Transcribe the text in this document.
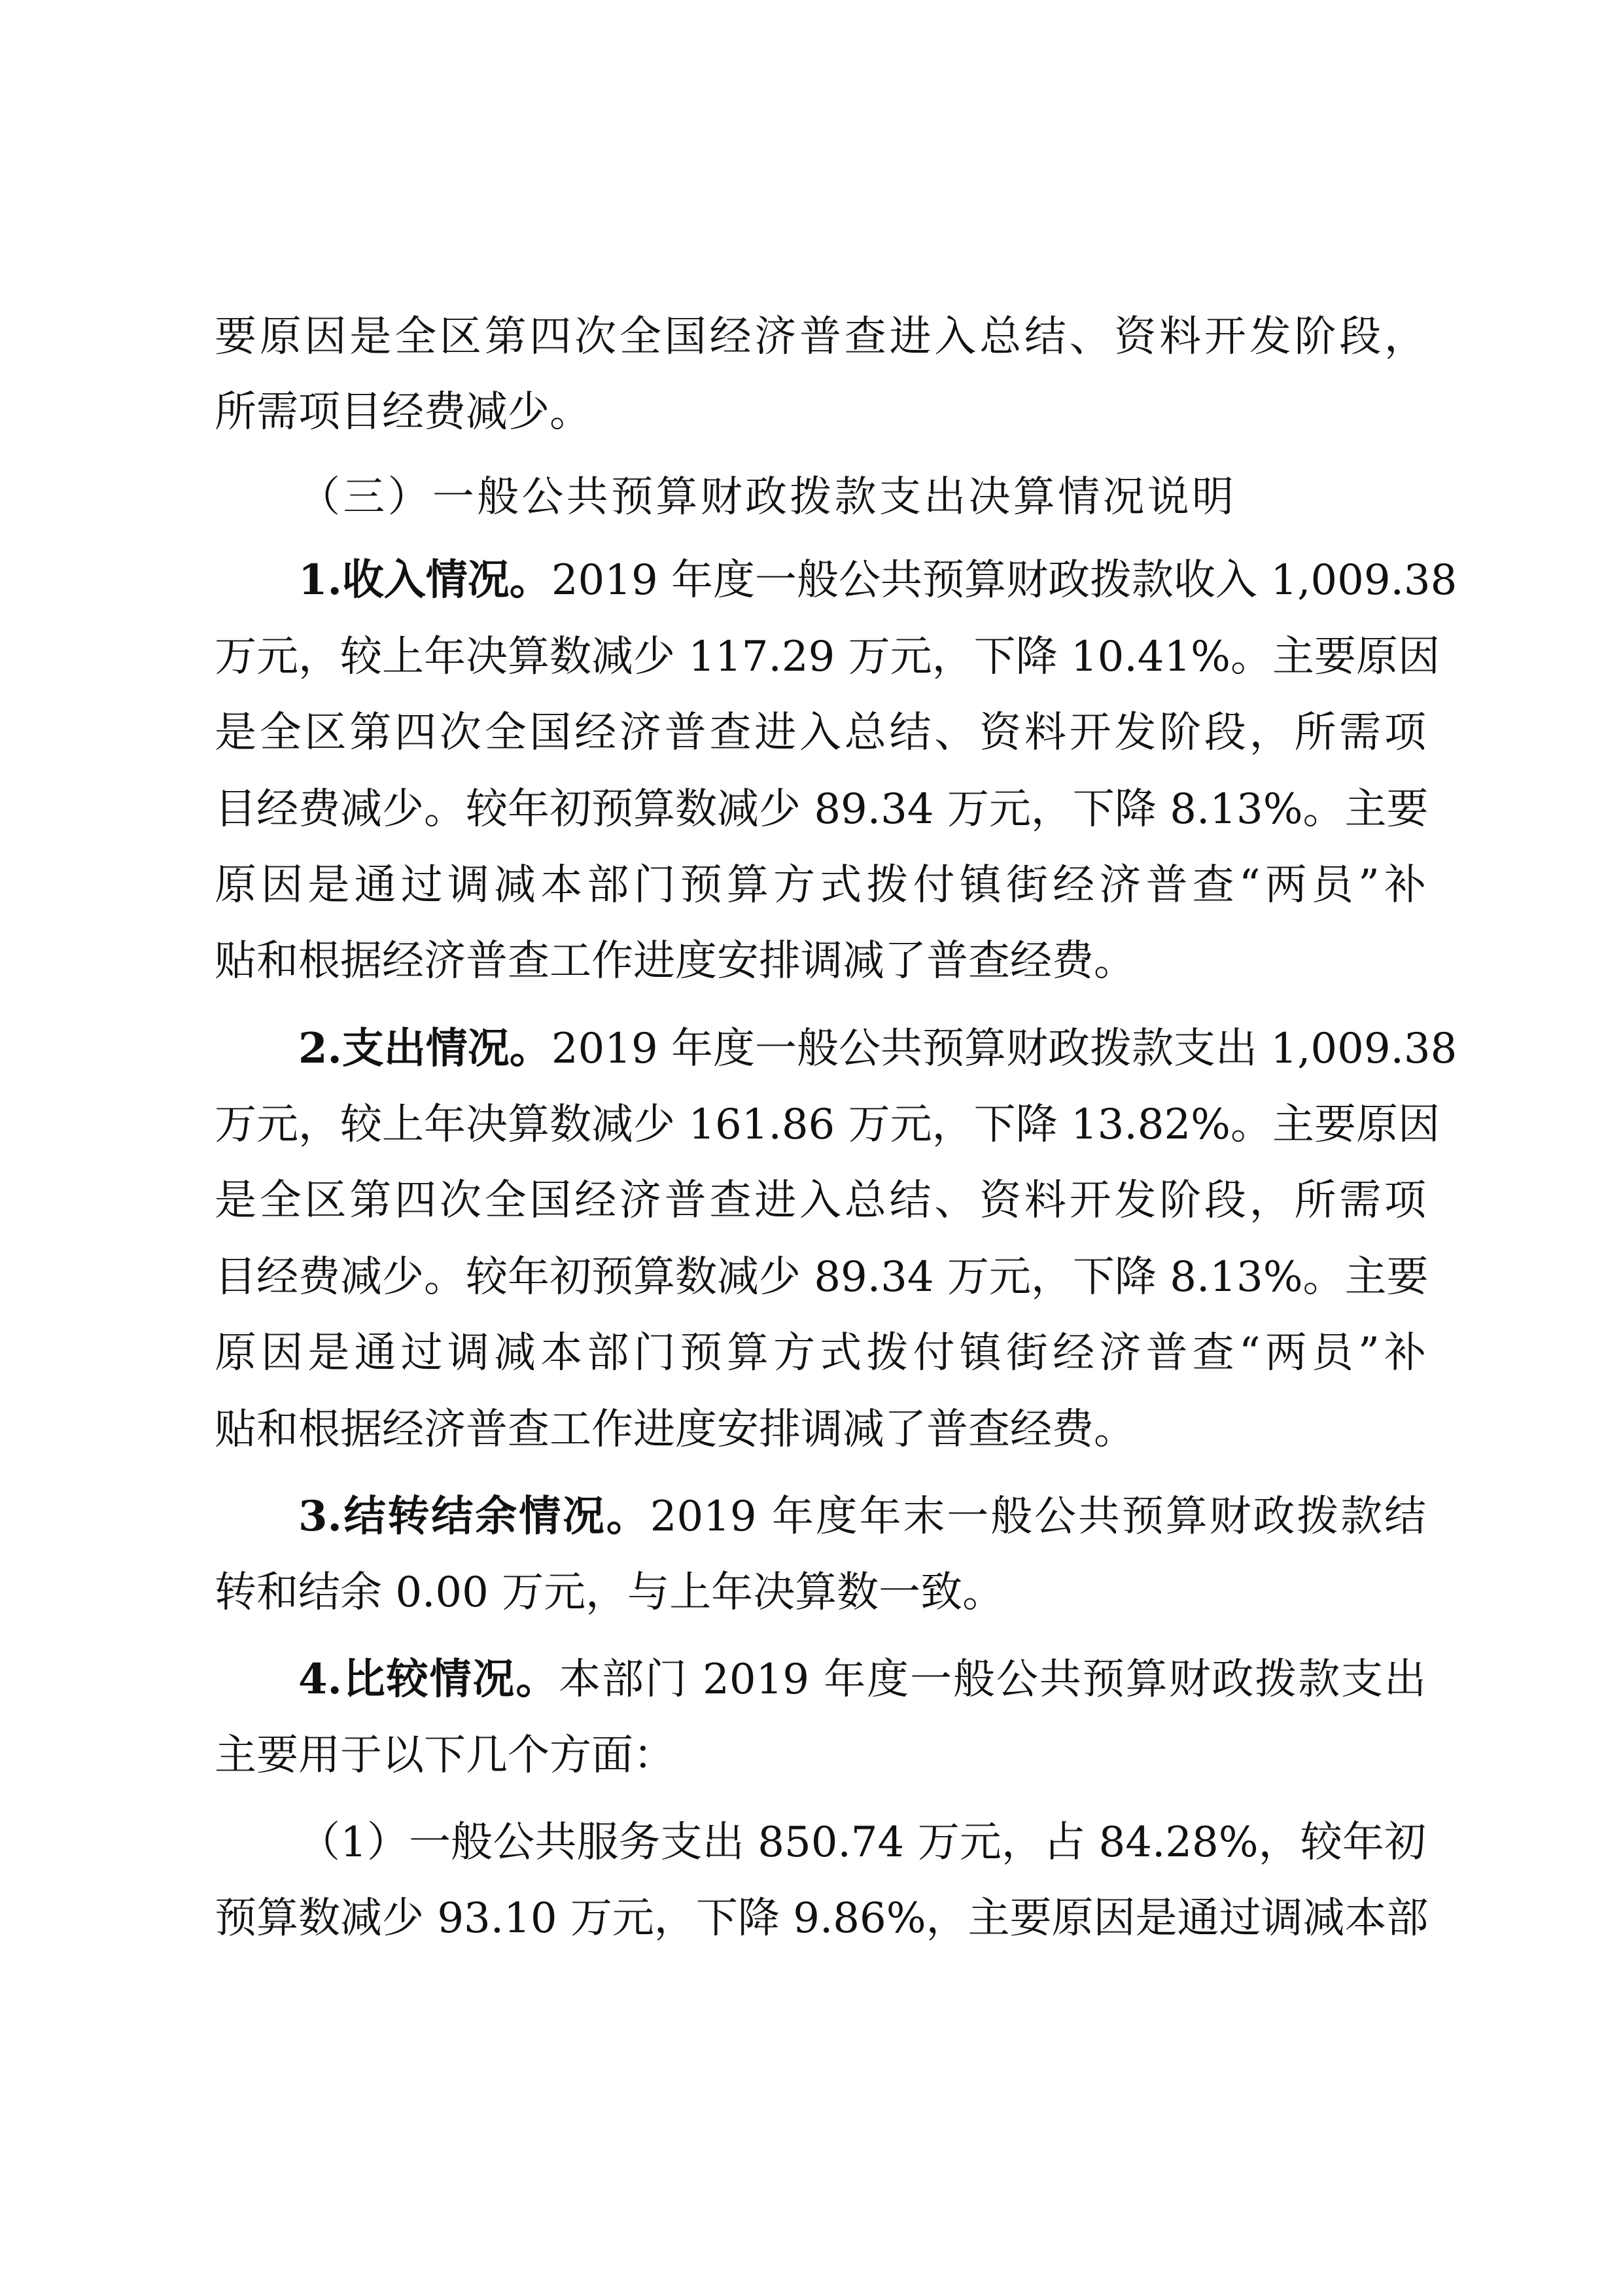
要原因是全区第四次全国经济普查进入总结、资料开发阶段，
所需项目经费减少。
（三）一般公共预算财政拨款支出决算情况说明
1.收入情况。2019 年度一般公共预算财政拨款收入 1,009.38
万元，较上年决算数减少 117.29 万元，下降 10.41%。主要原因
是全区第四次全国经济普查进入总结、资料开发阶段，所需项
目经费减少。较年初预算数减少 89.34 万元，下降 8.13%。主要
原因是通过调减本部门预算方式拨付镇街经济普查“两员”补
贴和根据经济普查工作进度安排调减了普查经费。
2.支出情况。2019 年度一般公共预算财政拨款支出 1,009.38
万元，较上年决算数减少 161.86 万元，下降 13.82%。主要原因
是全区第四次全国经济普查进入总结、资料开发阶段，所需项
目经费减少。较年初预算数减少 89.34 万元，下降 8.13%。主要
原因是通过调减本部门预算方式拨付镇街经济普查“两员”补
贴和根据经济普查工作进度安排调减了普查经费。
3.结转结余情况。2019 年度年末一般公共预算财政拨款结
转和结余 0.00 万元，与上年决算数一致。
4.比较情况。本部门 2019 年度一般公共预算财政拨款支出
主要用于以下几个方面：
（1）一般公共服务支出 850.74 万元，占 84.28%，较年初
预算数减少 93.10 万元，下降 9.86%，主要原因是通过调减本部
